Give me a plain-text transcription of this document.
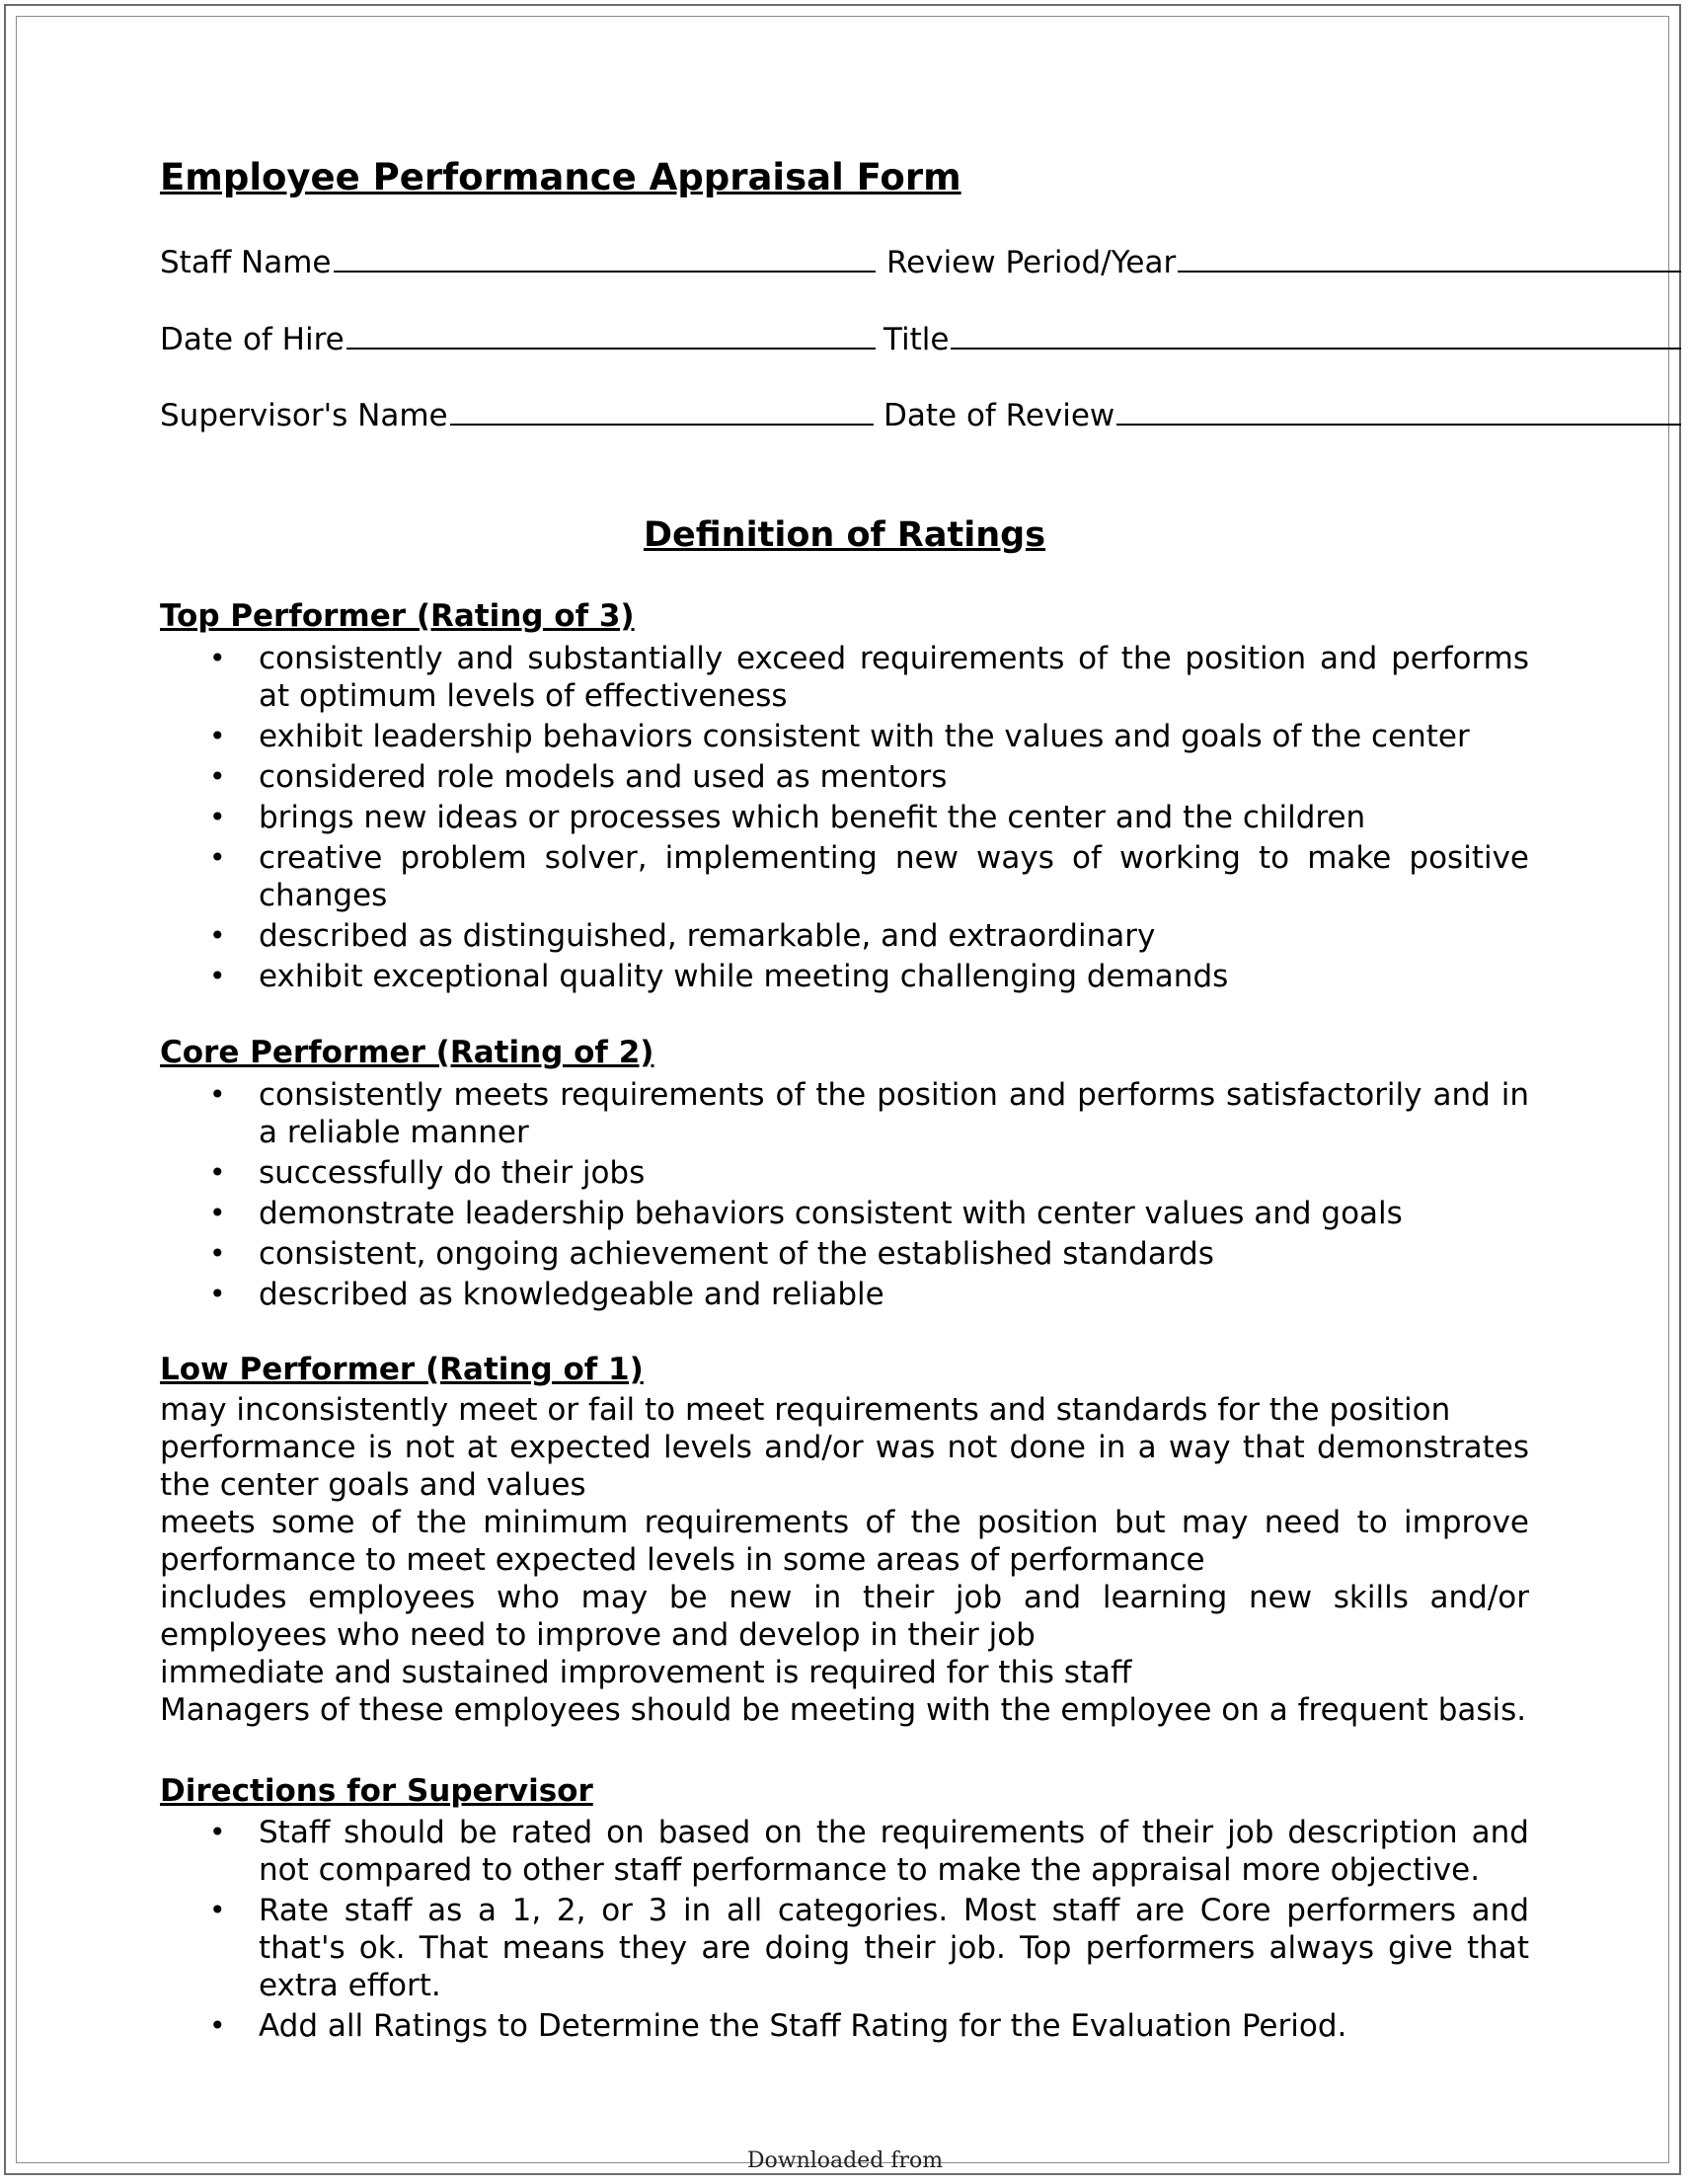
Employee Performance Appraisal Form
Staff Name	Review Period/Year
Date of Hire	Title
Supervisor's Name	Date of Review
Definition of Ratings
Top Performer (Rating of 3)
• consistently and substantially exceed requirements of the position and performs at optimum levels of effectiveness
• exhibit leadership behaviors consistent with the values and goals of the center
• considered role models and used as mentors
• brings new ideas or processes which benefit the center and the children
• creative problem solver, implementing new ways of working to make positive changes
• described as distinguished, remarkable, and extraordinary
• exhibit exceptional quality while meeting challenging demands
Core Performer (Rating of 2)
• consistently meets requirements of the position and performs satisfactorily and in a reliable manner
• successfully do their jobs
• demonstrate leadership behaviors consistent with center values and goals
• consistent, ongoing achievement of the established standards
• described as knowledgeable and reliable
Low Performer (Rating of 1)
may inconsistently meet or fail to meet requirements and standards for the position
performance is not at expected levels and/or was not done in a way that demonstrates the center goals and values
meets some of the minimum requirements of the position but may need to improve performance to meet expected levels in some areas of performance
includes employees who may be new in their job and learning new skills and/or employees who need to improve and develop in their job
immediate and sustained improvement is required for this staff
Managers of these employees should be meeting with the employee on a frequent basis.
Directions for Supervisor
• Staff should be rated on based on the requirements of their job description and not compared to other staff performance to make the appraisal more objective.
• Rate staff as a 1, 2, or 3 in all categories. Most staff are Core performers and that's ok. That means they are doing their job. Top performers always give that extra effort.
• Add all Ratings to Determine the Staff Rating for the Evaluation Period.
Downloaded from
